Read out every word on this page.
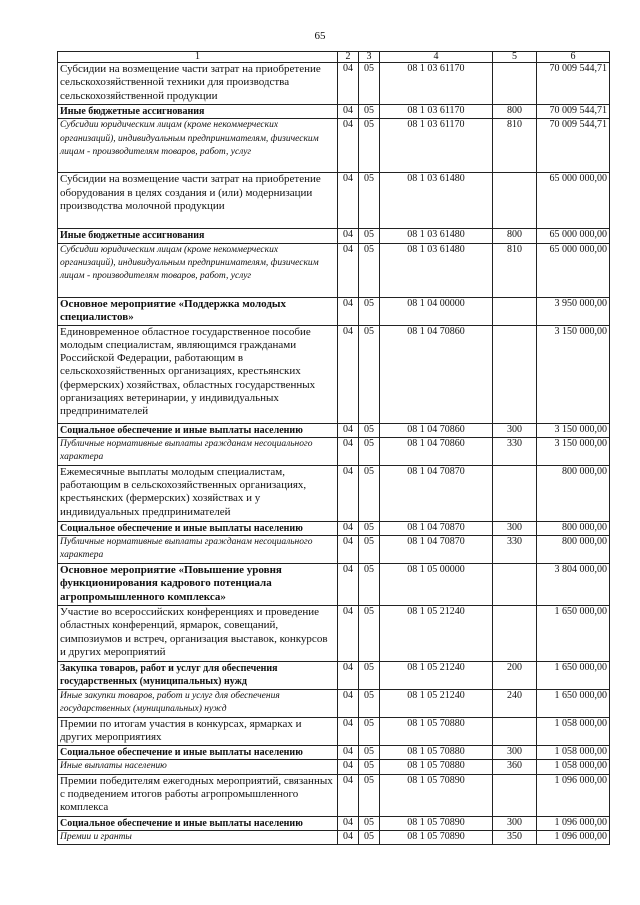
65
1	2	3	4	5	6
Субсидии на возмещение части затрат на приобретение сельскохозяйственной техники для производства сельскохозяйственной продукции	04	05	08 1 03 61170		70 009 544,71
Иные бюджетные ассигнования	04	05	08 1 03 61170	800	70 009 544,71
Субсидии юридическим лицам (кроме некоммерческих организаций), индивидуальным предпринимателям, физическим лицам - производителям товаров, работ, услуг	04	05	08 1 03 61170	810	70 009 544,71
Субсидии на возмещение части затрат на приобретение оборудования в целях создания и (или) модернизации производства молочной продукции	04	05	08 1 03 61480		65 000 000,00
Иные бюджетные ассигнования	04	05	08 1 03 61480	800	65 000 000,00
Субсидии юридическим лицам (кроме некоммерческих организаций), индивидуальным предпринимателям, физическим лицам - производителям товаров, работ, услуг	04	05	08 1 03 61480	810	65 000 000,00
Основное мероприятие «Поддержка молодых специалистов»	04	05	08 1 04 00000		3 950 000,00
Единовременное областное государственное пособие молодым специалистам, являющимся гражданами Российской Федерации, работающим в сельскохозяйственных организациях, крестьянских (фермерских) хозяйствах, областных государственных организациях ветеринарии, у индивидуальных предпринимателей	04	05	08 1 04 70860		3 150 000,00
Социальное обеспечение и иные выплаты населению	04	05	08 1 04 70860	300	3 150 000,00
Публичные нормативные выплаты гражданам несоциального характера	04	05	08 1 04 70860	330	3 150 000,00
Ежемесячные выплаты молодым специалистам, работающим в сельскохозяйственных организациях, крестьянских (фермерских) хозяйствах и у индивидуальных предпринимателей	04	05	08 1 04 70870		800 000,00
Социальное обеспечение и иные выплаты населению	04	05	08 1 04 70870	300	800 000,00
Публичные нормативные выплаты гражданам несоциального характера	04	05	08 1 04 70870	330	800 000,00
Основное мероприятие «Повышение уровня функционирования кадрового потенциала агропромышленного комплекса»	04	05	08 1 05 00000		3 804 000,00
Участие во всероссийских конференциях и проведение областных конференций, ярмарок, совещаний, симпозиумов и встреч, организация выставок, конкурсов и других мероприятий	04	05	08 1 05 21240		1 650 000,00
Закупка товаров, работ и услуг для обеспечения государственных (муниципальных) нужд	04	05	08 1 05 21240	200	1 650 000,00
Иные закупки товаров, работ и услуг для обеспечения государственных (муниципальных) нужд	04	05	08 1 05 21240	240	1 650 000,00
Премии по итогам участия в конкурсах, ярмарках и других мероприятиях	04	05	08 1 05 70880		1 058 000,00
Социальное обеспечение и иные выплаты населению	04	05	08 1 05 70880	300	1 058 000,00
Иные выплаты населению	04	05	08 1 05 70880	360	1 058 000,00
Премии победителям ежегодных мероприятий, связанных с подведением итогов работы агропромышленного комплекса	04	05	08 1 05 70890		1 096 000,00
Социальное обеспечение и иные выплаты населению	04	05	08 1 05 70890	300	1 096 000,00
Премии и гранты	04	05	08 1 05 70890	350	1 096 000,00
